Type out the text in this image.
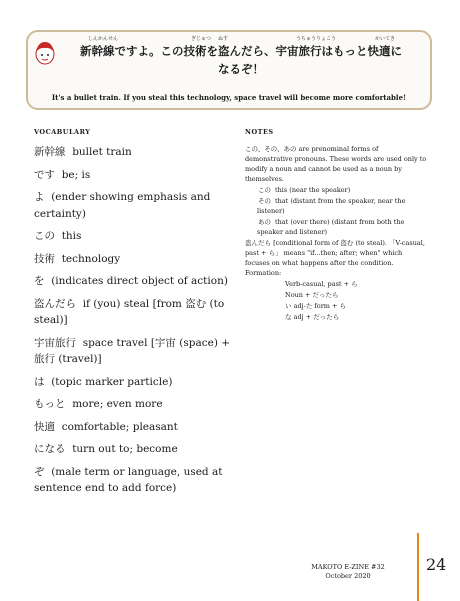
しんかんせん	ぎじゅつ ぬす	うちゅうりょこう	かいてき
新幹線ですよ。この技術を盗んだら、宇宙旅行はもっと快適に
なるぞ！
It's a bullet train. If you steal this technology, space travel will become more comfortable!
VOCABULARY
新幹線 bullet train
です be; is
よ (ender showing emphasis and certainty)
この this
技術 technology
を (indicates direct object of action)
盗んだら if (you) steal [from 盗む (to steal)]
宇宙旅行 space travel [宇宙 (space) + 旅行 (travel)]
は (topic marker particle)
もっと more; even more
快適 comfortable; pleasant
になる turn out to; become
ぞ (male term or language, used at sentence end to add force)
NOTES

この、その、あの are prenominal forms of demonstrative pronouns. These words are used only to modify a noun and cannot be used as a noun by themselves.

この this (near the speaker)

その that (distant from the speaker, near the listener)

あの that (over there) (distant from both the speaker and listener)

盗んだら [conditional form of 盗む (to steal). 「V-casual, past + ら」 means "if...then; after; when" which focuses on what happens after the condition. Formation:

Verb-casual, past + ら

Noun + だったら

い adj-た form + ら

な adj + だったら

MAKOTO E-ZINE #32
October 2020
24
